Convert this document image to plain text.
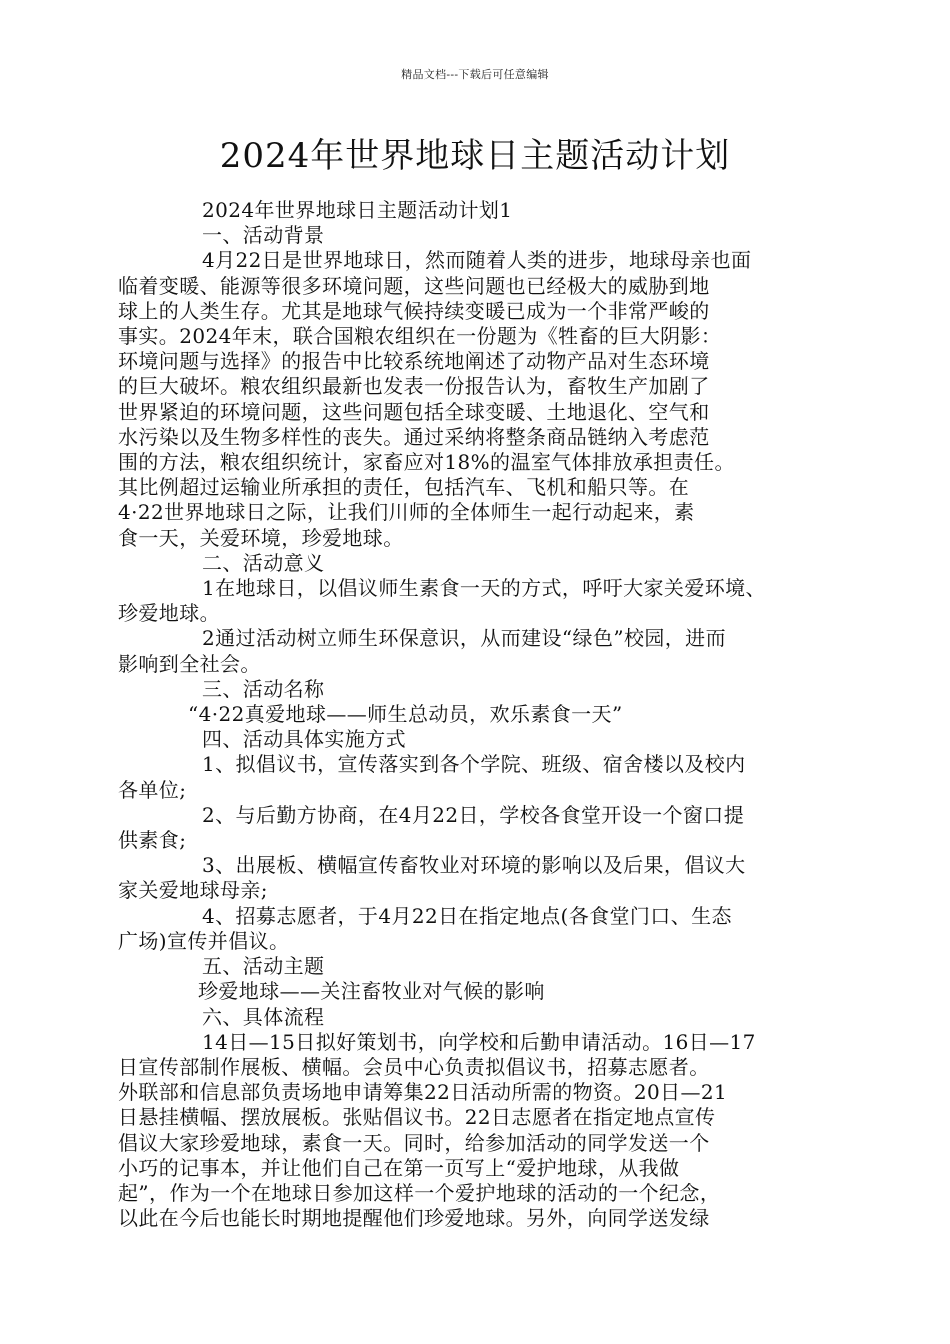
精品文档---下载后可任意编辑
2024年世界地球日主题活动计划

2024年世界地球日主题活动计划1

一、活动背景

4月22日是世界地球日，然而随着人类的进步，地球母亲也面

临着变暖、能源等很多环境问题，这些问题也已经极大的威胁到地

球上的人类生存。尤其是地球气候持续变暖已成为一个非常严峻的

事实。2024年末，联合国粮农组织在一份题为《牲畜的巨大阴影：

环境问题与选择》的报告中比较系统地阐述了动物产品对生态环境

的巨大破坏。粮农组织最新也发表一份报告认为，畜牧生产加剧了

世界紧迫的环境问题，这些问题包括全球变暖、土地退化、空气和

水污染以及生物多样性的丧失。通过采纳将整条商品链纳入考虑范

围的方法，粮农组织统计，家畜应对18%的温室气体排放承担责任。

其比例超过运输业所承担的责任，包括汽车、飞机和船只等。在

4·22世界地球日之际，让我们川师的全体师生一起行动起来，素

食一天，关爱环境，珍爱地球。

二、活动意义

1在地球日，以倡议师生素食一天的方式，呼吁大家关爱环境、

珍爱地球。

2通过活动树立师生环保意识，从而建设“绿色”校园，进而

影响到全社会。

三、活动名称

“4·22真爱地球——师生总动员，欢乐素食一天”

四、活动具体实施方式

1、拟倡议书，宣传落实到各个学院、班级、宿舍楼以及校内

各单位;

2、与后勤方协商，在4月22日，学校各食堂开设一个窗口提

供素食;

3、出展板、横幅宣传畜牧业对环境的影响以及后果，倡议大

家关爱地球母亲;

4、招募志愿者，于4月22日在指定地点(各食堂门口、生态

广场)宣传并倡议。

五、活动主题

珍爱地球——关注畜牧业对气候的影响

六、具体流程

14日—15日拟好策划书，向学校和后勤申请活动。16日—17

日宣传部制作展板、横幅。会员中心负责拟倡议书，招募志愿者。

外联部和信息部负责场地申请筹集22日活动所需的物资。20日—21

日悬挂横幅、摆放展板。张贴倡议书。22日志愿者在指定地点宣传

倡议大家珍爱地球，素食一天。同时，给参加活动的同学发送一个

小巧的记事本，并让他们自己在第一页写上“爱护地球，从我做

起”，作为一个在地球日参加这样一个爱护地球的活动的一个纪念，

以此在今后也能长时期地提醒他们珍爱地球。另外，向同学送发绿
